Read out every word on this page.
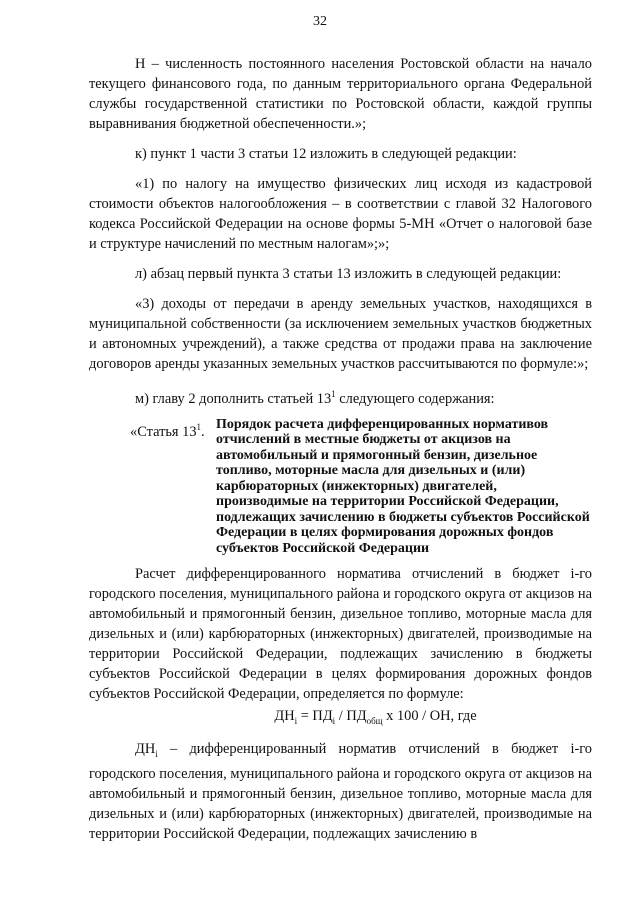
32

Н – численность постоянного населения Ростовской области на начало текущего финансового года, по данным территориального органа Федеральной службы государственной статистики по Ростовской области, каждой группы выравнивания бюджетной обеспеченности.»;

к) пункт 1 части 3 статьи 12 изложить в следующей редакции:

«1) по налогу на имущество физических лиц исходя из кадастровой стоимости объектов налогообложения – в соответствии с главой 32 Налогового кодекса Российской Федерации на основе формы 5-МН «Отчет о налоговой базе и структуре начислений по местным налогам»;»;

л) абзац первый пункта 3 статьи 13 изложить в следующей редакции:

«3) доходы от передачи в аренду земельных участков, находящихся в муниципальной собственности (за исключением земельных участков бюджетных и автономных учреждений), а также средства от продажи права на заключение договоров аренды указанных земельных участков рассчитываются по формуле:»;

м) главу 2 дополнить статьей $13^1$ следующего содержания:

«Статья $13^1$. Порядок расчета дифференцированных нормативов отчислений в местные бюджеты от акцизов на автомобильный и прямогонный бензин, дизельное топливо, моторные масла для дизельных и (или) карбюраторных (инжекторных) двигателей, производимые на территории Российской Федерации, подлежащих зачислению в бюджеты субъектов Российской Федерации в целях формирования дорожных фондов субъектов Российской Федерации

Расчет дифференцированного норматива отчислений в бюджет i-го городского поселения, муниципального района и городского округа от акцизов на автомобильный и прямогонный бензин, дизельное топливо, моторные масла для дизельных и (или) карбюраторных (инжекторных) двигателей, производимые на территории Российской Федерации, подлежащих зачислению в бюджеты субъектов Российской Федерации в целях формирования дорожных фондов субъектов Российской Федерации, определяется по формуле:

$ДН_i = ПД_i / ПД_{общ}$ х 100 / ОН, где

$ДН_i$ – дифференцированный норматив отчислений в бюджет i-го городского поселения, муниципального района и городского округа от акцизов на автомобильный и прямогонный бензин, дизельное топливо, моторные масла для дизельных и (или) карбюраторных (инжекторных) двигателей, производимые на территории Российской Федерации, подлежащих зачислению в
